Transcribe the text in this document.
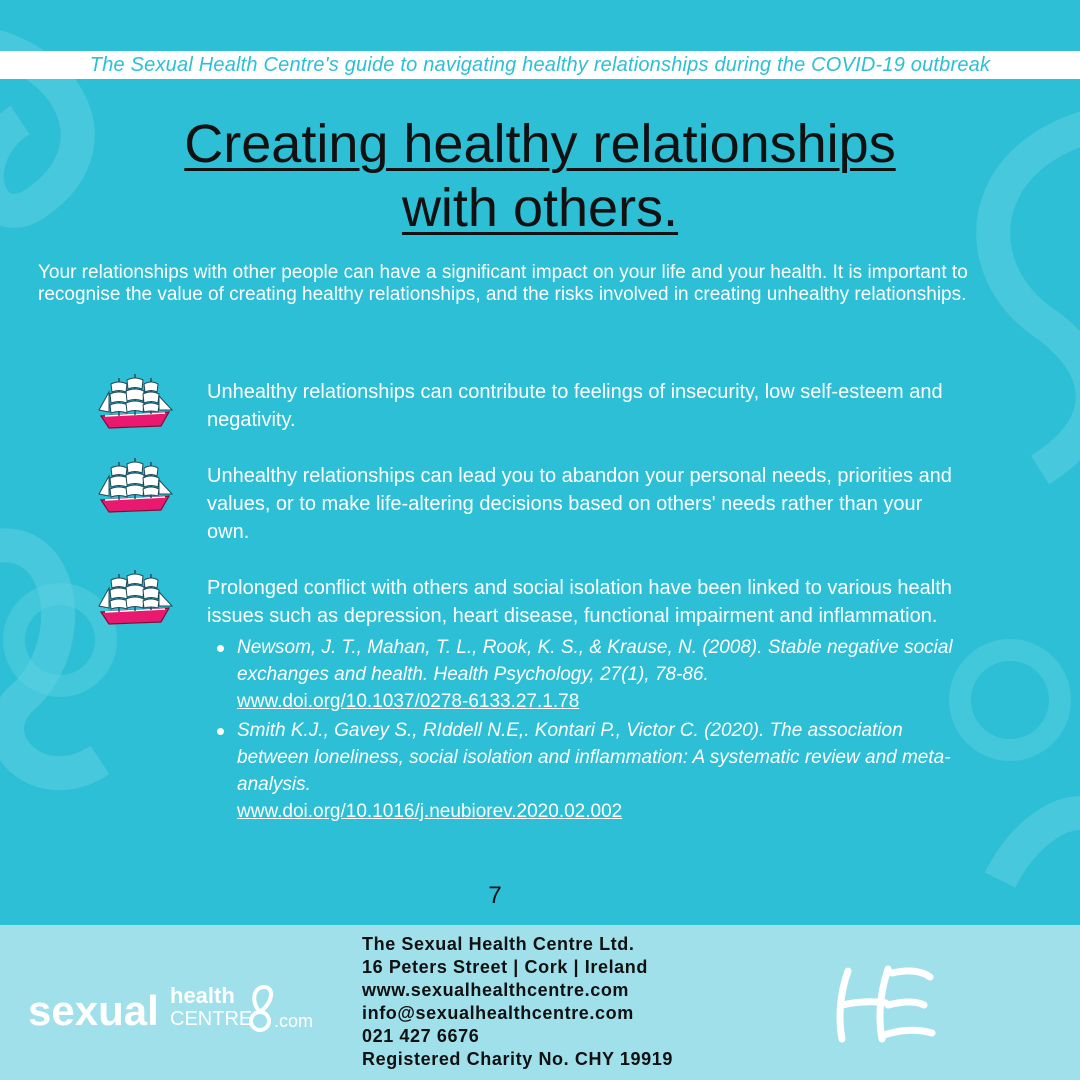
The Sexual Health Centre's guide to navigating healthy relationships during the COVID-19 outbreak
Creating healthy relationships
with others.

Your relationships with other people can have a significant impact on your life and your health. It is important to recognise the value of creating healthy relationships, and the risks involved in creating unhealthy relationships.

Unhealthy relationships can contribute to feelings of insecurity, low self-esteem and negativity.

Unhealthy relationships can lead you to abandon your personal needs, priorities and values, or to make life-altering decisions based on others' needs rather than your own.

Prolonged conflict with others and social isolation have been linked to various health issues such as depression, heart disease, functional impairment and inflammation.

Newsom, J. T., Mahan, T. L., Rook, K. S., & Krause, N. (2008). Stable negative social exchanges and health. Health Psychology, 27(1), 78-86.
www.doi.org/10.1037/0278-6133.27.1.78
Smith K.J., Gavey S., RIddell N.E,. Kontari P., Victor C. (2020). The association between loneliness, social isolation and inflammation: A systematic review and meta-analysis.
www.doi.org/10.1016/j.neubiorev.2020.02.002
7
sexual health
CENTRE .com
The Sexual Health Centre Ltd.
16 Peters Street | Cork | Ireland
www.sexualhealthcentre.com
info@sexualhealthcentre.com
021 427 6676
Registered Charity No. CHY 19919
